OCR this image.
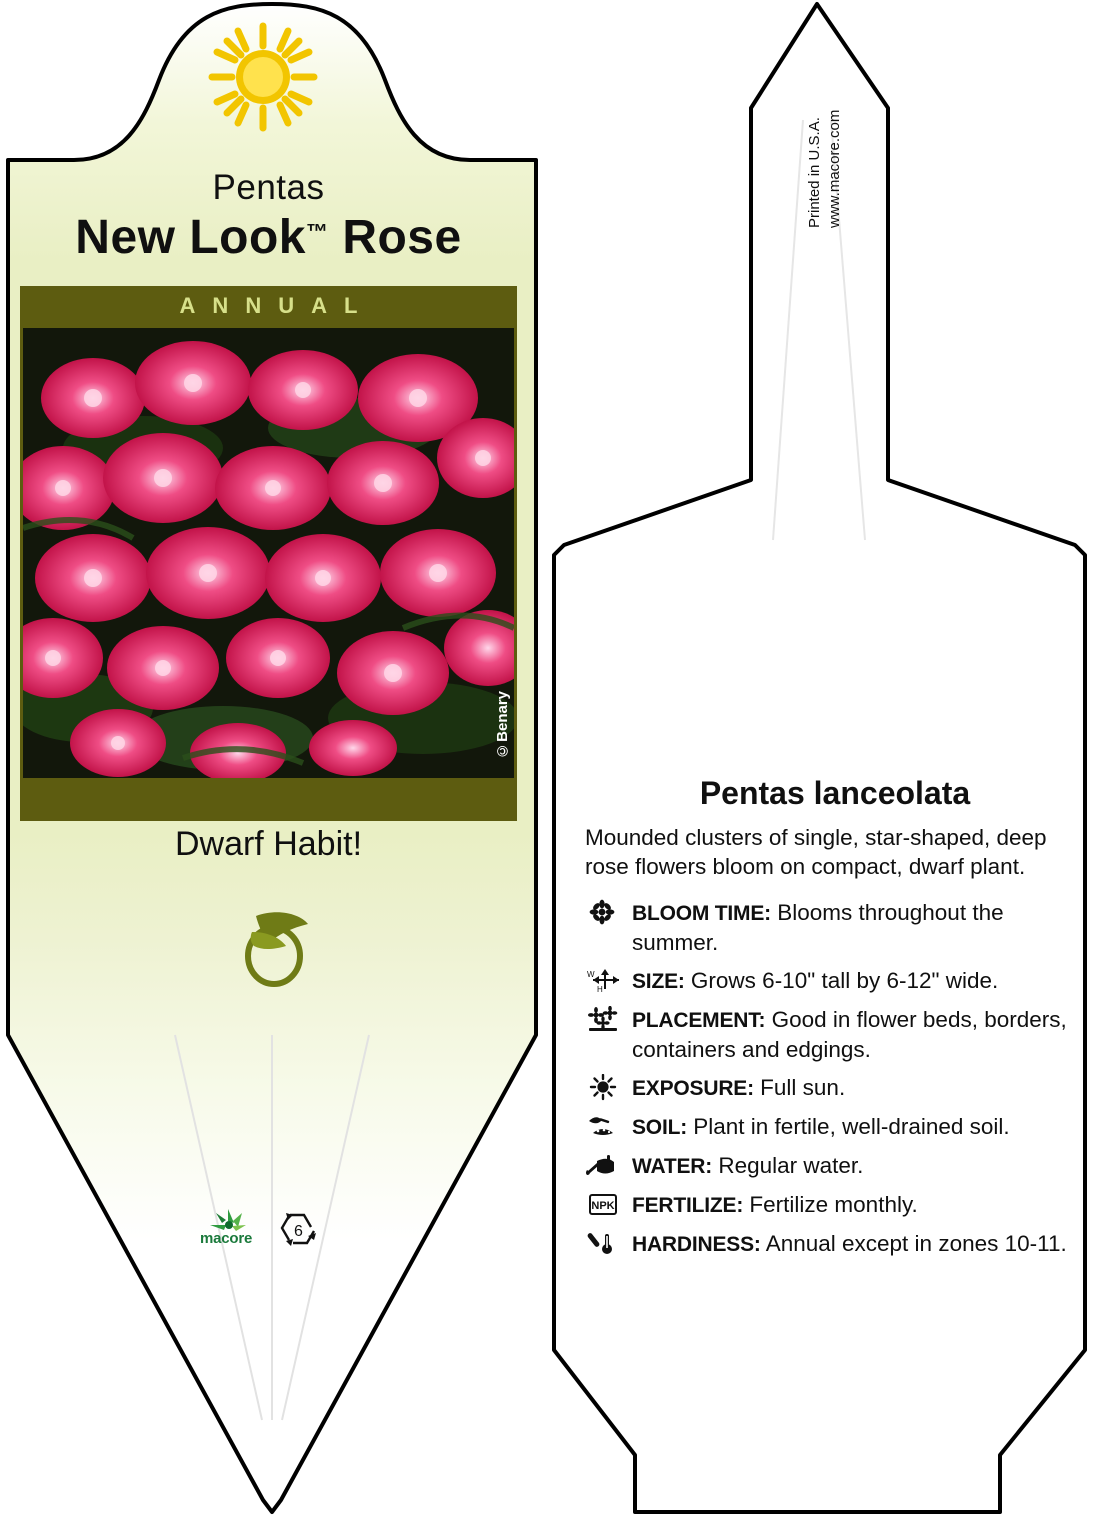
Pentas
New Look™ Rose
ANNUAL
©Benary
Dwarf Habit!
macore	6
Printed in U.S.A. www.macore.com
Pentas lanceolata
Mounded clusters of single, star-shaped, deep rose flowers bloom on compact, dwarf plant.
BLOOM TIME: Blooms throughout the summer.
W
H SIZE: Grows 6-10" tall by 6-12" wide.
PLACEMENT: Good in flower beds, borders, containers and edgings.
EXPOSURE: Full sun.
SOIL: Plant in fertile, well-drained soil.
WATER: Regular water.
NPK FERTILIZE: Fertilize monthly.
HARDINESS: Annual except in zones 10-11.
